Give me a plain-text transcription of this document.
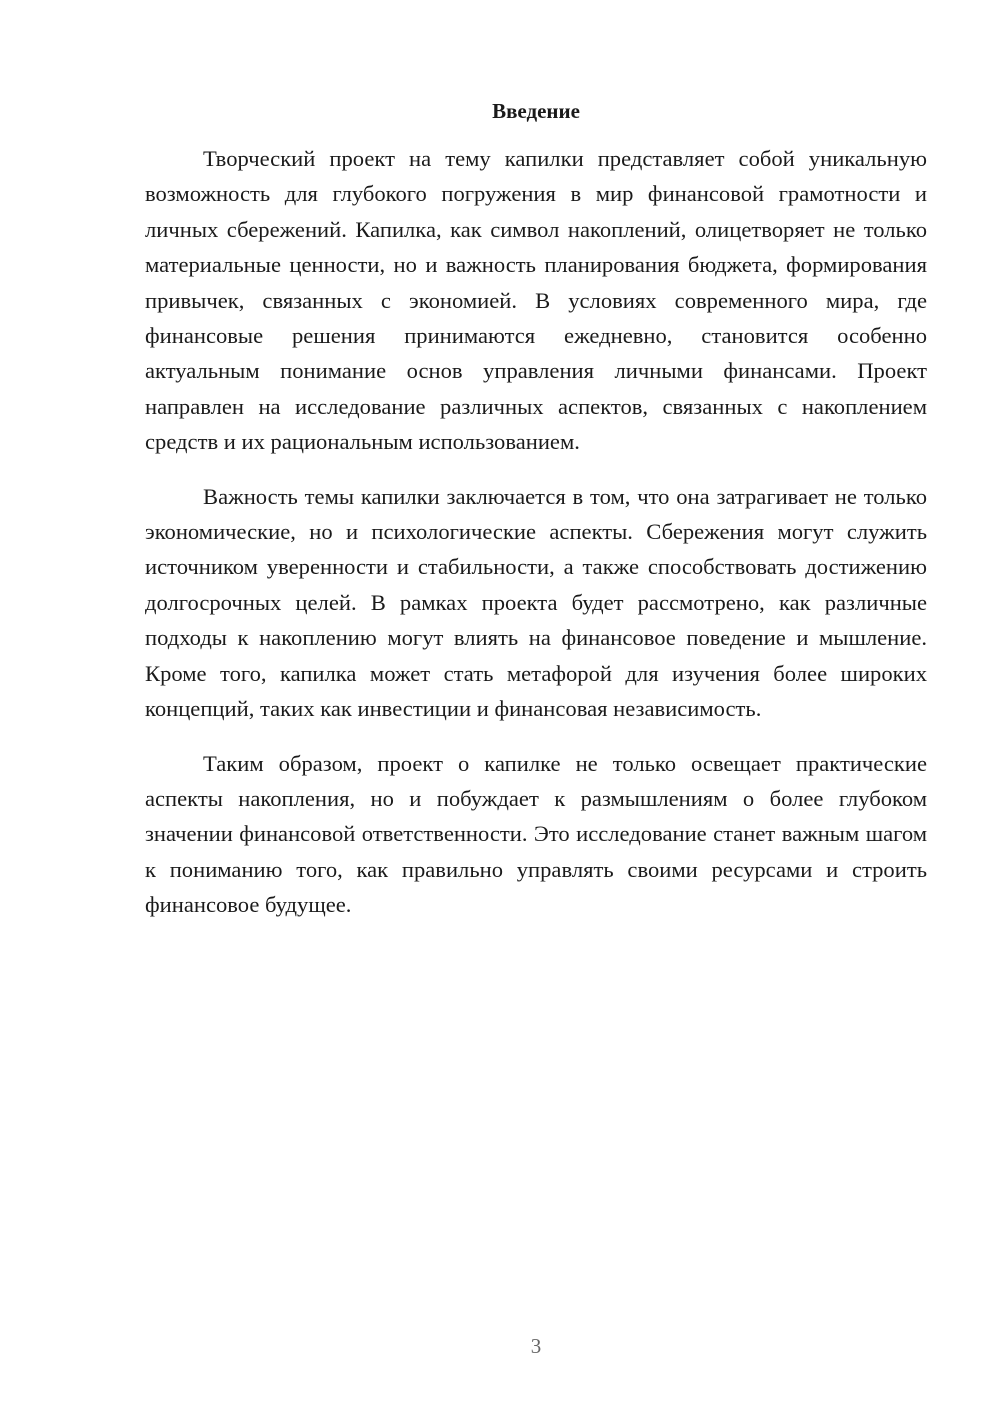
Введение

Творческий проект на тему капилки представляет собой уникальную возможность для глубокого погружения в мир финансовой грамотности и личных сбережений. Капилка, как символ накоплений, олицетворяет не только материальные ценности, но и важность планирования бюджета, формирования привычек, связанных с экономией. В условиях современного мира, где финансовые решения принимаются ежедневно, становится особенно актуальным понимание основ управления личными финансами. Проект направлен на исследование различных аспектов, связанных с накоплением средств и их рациональным использованием.

Важность темы капилки заключается в том, что она затрагивает не только экономические, но и психологические аспекты. Сбережения могут служить источником уверенности и стабильности, а также способствовать достижению долгосрочных целей. В рамках проекта будет рассмотрено, как различные подходы к накоплению могут влиять на финансовое поведение и мышление. Кроме того, капилка может стать метафорой для изучения более широких концепций, таких как инвестиции и финансовая независимость.

Таким образом, проект о капилке не только освещает практические аспекты накопления, но и побуждает к размышлениям о более глубоком значении финансовой ответственности. Это исследование станет важным шагом к пониманию того, как правильно управлять своими ресурсами и строить финансовое будущее.

3
